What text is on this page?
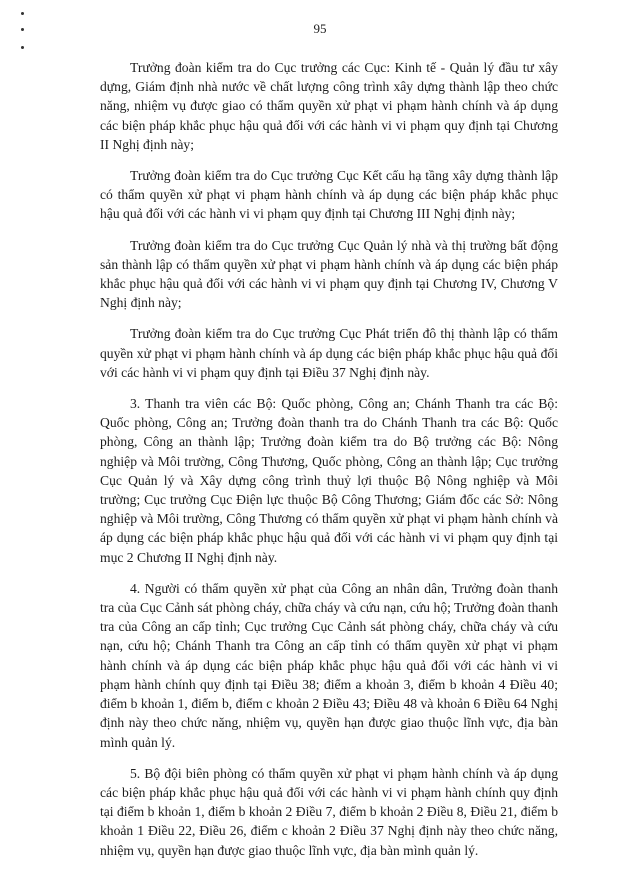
95

Trưởng đoàn kiểm tra do Cục trưởng các Cục: Kinh tế - Quản lý đầu tư xây dựng, Giám định nhà nước về chất lượng công trình xây dựng thành lập theo chức năng, nhiệm vụ được giao có thẩm quyền xử phạt vi phạm hành chính và áp dụng các biện pháp khắc phục hậu quả đối với các hành vi vi phạm quy định tại Chương II Nghị định này;

Trưởng đoàn kiểm tra do Cục trưởng Cục Kết cấu hạ tầng xây dựng thành lập có thẩm quyền xử phạt vi phạm hành chính và áp dụng các biện pháp khắc phục hậu quả đối với các hành vi vi phạm quy định tại Chương III Nghị định này;

Trưởng đoàn kiểm tra do Cục trưởng Cục Quản lý nhà và thị trường bất động sản thành lập có thẩm quyền xử phạt vi phạm hành chính và áp dụng các biện pháp khắc phục hậu quả đối với các hành vi vi phạm quy định tại Chương IV, Chương V Nghị định này;

Trưởng đoàn kiểm tra do Cục trưởng Cục Phát triển đô thị thành lập có thẩm quyền xử phạt vi phạm hành chính và áp dụng các biện pháp khắc phục hậu quả đối với các hành vi vi phạm quy định tại Điều 37 Nghị định này.

3. Thanh tra viên các Bộ: Quốc phòng, Công an; Chánh Thanh tra các Bộ: Quốc phòng, Công an; Trưởng đoàn thanh tra do Chánh Thanh tra các Bộ: Quốc phòng, Công an thành lập; Trưởng đoàn kiểm tra do Bộ trưởng các Bộ: Nông nghiệp và Môi trường, Công Thương, Quốc phòng, Công an thành lập; Cục trưởng Cục Quản lý và Xây dựng công trình thuỷ lợi thuộc Bộ Nông nghiệp và Môi trường; Cục trưởng Cục Điện lực thuộc Bộ Công Thương; Giám đốc các Sở: Nông nghiệp và Môi trường, Công Thương có thẩm quyền xử phạt vi phạm hành chính và áp dụng các biện pháp khắc phục hậu quả đối với các hành vi vi phạm quy định tại mục 2 Chương II Nghị định này.

4. Người có thẩm quyền xử phạt của Công an nhân dân, Trưởng đoàn thanh tra của Cục Cảnh sát phòng cháy, chữa cháy và cứu nạn, cứu hộ; Trưởng đoàn thanh tra của Công an cấp tỉnh; Cục trưởng Cục Cảnh sát phòng cháy, chữa cháy và cứu nạn, cứu hộ; Chánh Thanh tra Công an cấp tỉnh có thẩm quyền xử phạt vi phạm hành chính và áp dụng các biện pháp khắc phục hậu quả đối với các hành vi vi phạm hành chính quy định tại Điều 38; điểm a khoản 3, điểm b khoản 4 Điều 40; điểm b khoản 1, điểm b, điểm c khoản 2 Điều 43; Điều 48 và khoản 6 Điều 64 Nghị định này theo chức năng, nhiệm vụ, quyền hạn được giao thuộc lĩnh vực, địa bàn mình quản lý.

5. Bộ đội biên phòng có thẩm quyền xử phạt vi phạm hành chính và áp dụng các biện pháp khắc phục hậu quả đối với các hành vi vi phạm hành chính quy định tại điểm b khoản 1, điểm b khoản 2 Điều 7, điểm b khoản 2 Điều 8, Điều 21, điểm b khoản 1 Điều 22, Điều 26, điểm c khoản 2 Điều 37 Nghị định này theo chức năng, nhiệm vụ, quyền hạn được giao thuộc lĩnh vực, địa bàn mình quản lý.
